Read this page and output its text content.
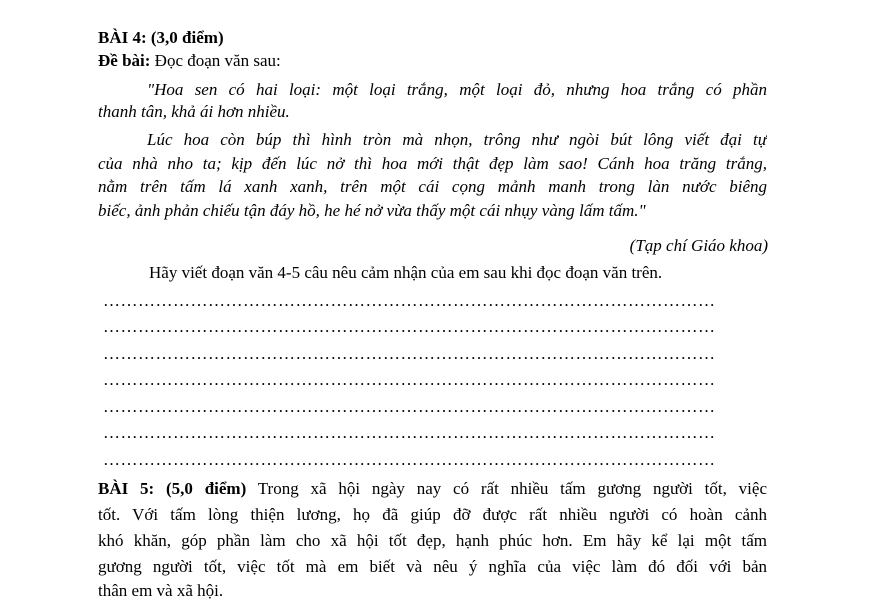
BÀI 4: (3,0 điểm)
Đề bài: Đọc đoạn văn sau:
"Hoa sen có hai loại: một loại trắng, một loại đỏ, nhưng hoa trắng có phần
thanh tân, khả ái hơn nhiều.
Lúc hoa còn búp thì hình tròn mà nhọn, trông như ngòi bút lông viết đại tự
của nhà nho ta; kịp đến lúc nở thì hoa mới thật đẹp làm sao! Cánh hoa trăng trắng,
nằm trên tấm lá xanh xanh, trên một cái cọng mảnh manh trong làn nước biêng
biếc, ảnh phản chiếu tận đáy hồ, he hé nở vừa thấy một cái nhụy vàng lấm tấm."
(Tạp chí Giáo khoa)
Hãy viết đoạn văn 4-5 câu nêu cảm nhận của em sau khi đọc đoạn văn trên.
……………………………………………………………………………………………
……………………………………………………………………………………………
……………………………………………………………………………………………
……………………………………………………………………………………………
……………………………………………………………………………………………
……………………………………………………………………………………………
……………………………………………………………………………………………
BÀI 5: (5,0 điểm) Trong xã hội ngày nay có rất nhiều tấm gương người tốt, việc
tốt. Với tấm lòng thiện lương, họ đã giúp đỡ được rất nhiều người có hoàn cảnh
khó khăn, góp phần làm cho xã hội tốt đẹp, hạnh phúc hơn. Em hãy kể lại một tấm
gương người tốt, việc tốt mà em biết và nêu ý nghĩa của việc làm đó đối với bản
thân em và xã hội.
